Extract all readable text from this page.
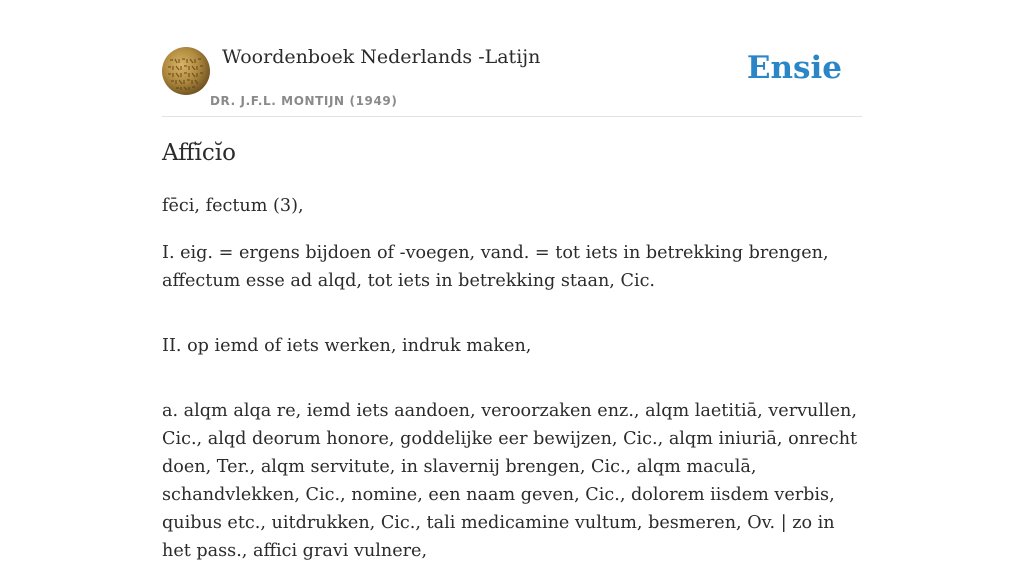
Woordenboek Nederlands -Latijn
DR. J.F.L. MONTIJN (1949)
Ensie
Affĭcĭo

fēci, fectum (3),

I. eig. = ergens bijdoen of -voegen, vand. = tot iets in betrekking brengen, affectum esse ad alqd, tot iets in betrekking staan, Cic.

II. op iemd of iets werken, indruk maken,

a. alqm alqa re, iemd iets aandoen, veroorzaken enz., alqm laetitiā, vervullen, Cic., alqd deorum honore, goddelijke eer bewijzen, Cic., alqm iniuriā, onrecht doen, Ter., alqm servitute, in slavernij brengen, Cic., alqm maculā, schandvlekken, Cic., nomine, een naam geven, Cic., dolorem iisdem verbis, quibus etc., uitdrukken, Cic., tali medicamine vultum, besmeren, Ov. | zo in het pass., affici gravi vulnere,
